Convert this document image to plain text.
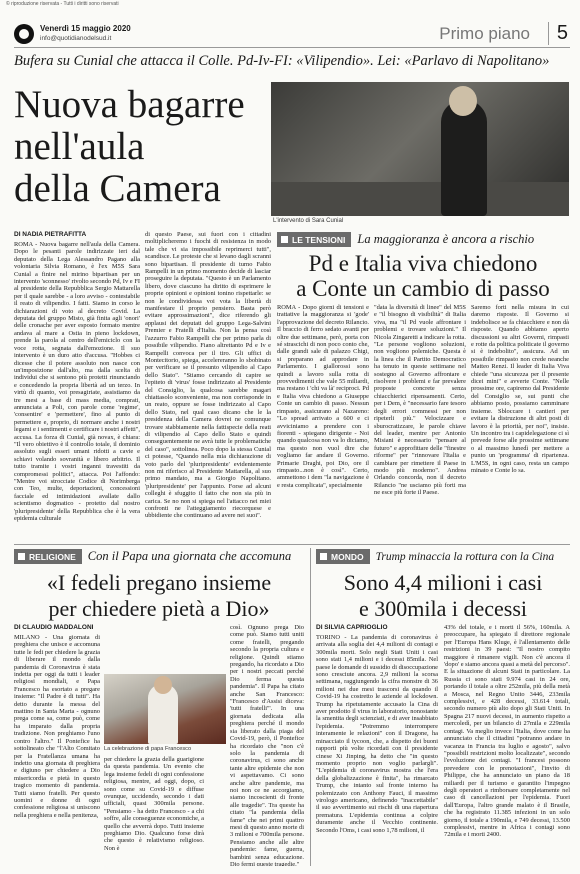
© riproduzione riservata - Tutti i diritti sono riservati
Venerdì 15 maggio 2020
info@quotidianodelsud.it	Primo piano	5
Bufera su Cunial che attacca il Colle. Pd-Iv-FI: «Vilipendio». Lei: «Parlavo di Napolitano»
Nuova bagarre
nell'aula
della Camera
L'intervento di Sara Cunial
DI NADIA PIETRAFITTA
ROMA - Nuova bagarre nell'aula della Camera. Dopo le pesanti parole indirizzate ieri dal deputato della Lega Alessandro Pagano alla volontaria Silvia Romano, è l'ex M5S Sara Cunial a finire nel mirino bipartisan per un intervento 'sconnesso' rivolto secondo Pd, Iv e FI al presidente della Repubblica Sergio Mattarella per il quale sarebbe - a loro avviso - contestabile il reato di vilipendio. I fatti. Siamo in corso le dichiarazioni di voto al decreto Covid. La deputata del gruppo Misto, già finita agli 'onori' delle cronache per aver esposto formato mentre andava al mare a Ostia in pieno lockdown, prende la parola al centro dell'emiciclo con la voce rotta, segnata dall'emozione. Il suo intervento è un duro atto d'accusa. "Hobbes ci dicesse che il potere assoluto non nasce con un'imposizione dall'alto, ma dalla scelta di individui che si sentono più protetti rinunciando e concedendo la propria libertà ad un terzo. In virtù di quanto, voi presagiriate, assistiamo da tre mesi a base di mass media, comprati, annunciata a Poli, con parole come 'regime', 'consentire' e 'permettere', fino al punto di permettere e, proprio, di normare anche i nostri legami e i sentimenti e certificare i nostri affetti", accusa. La forza di Cunial, già novax, è chiara: "Il vero obiettivo è il controllo totale, il dominio assoluto sugli esseri umani ridotti a cavie e schiavi volando sovranità e libero arbitrio. Il tutto tramite i vostri inganni travestiti da compromessi politici", attacca. Poi l'affondo: "Mentre voi strocciate Codice di Norimberga con Teo, multe, deportazioni, concessioni facciale ed intimidazioni avallate dallo scientismo dogmatico - protetto dal nostro 'pluripresidente' della Repubblica che è la vera epidemia culturale
di questo Paese, sui fuori con i cittadini moltiplicheremo i fuochi di resistenza in modo tale che vi sia impossibile reprimerci tutti", scandisce. Le proteste che si levano dagli scranni sono bipartisan. Il presidente di turno Fabio Rampelli in un primo momento decide di lasciar proseguire la deputata. "Questo è un Parlamento libero, dove ciascuno ha diritto di esprimere le proprie opinioni e opinioni tonino rispettarle: se non le condividessa voi vota la libertà di manifestare il proprio pensiero. Basta però evitare approssimazioni", dice riferendo gli applausi dei deputati del gruppo Lega-Salvini Premier e Fratelli d'Italia. Non la pensa così l'azzurro Fabio Rampelli che per primo parla di possibile vilipendio. Fiano altrettanto Pd e Iv e Rampelli convoca per il tiro. Gli uffici di Montecitorio, spiega, accelereranno lo sbobinato per verificare se il presunto vilipendio al Capo dello Stato". "Stiamo cercando di capire se l'epiteto di 'virus' fosse indirizzato al Presidente del Consiglio, la qualcosa sarebbe magari chiattasolo sconveniente, ma non corrisponde in un reato, oppure se fosse indirizzato al Capo dello Stato, nel qual caso dicano che le la presidenza della Camera dovrei ne comunque trovare stabbiamente nella fattispecie della reati di vilipendio al Capo dello Stato e quindi conseguentemente ne avrà tutte le problematiche del caso", sottolinea. Poco dopo la stessa Cunial ci potesse, "Quando nella mia dichiarazione di voto parlo del 'pluripresidente' evidentemente non mi riferisco al Presidente Mattarella, al suo primo mandato, ma a Giorgio Napolitano. 'pluripresidente' per l'appunto. Forse ad alcuni colleghi è sfuggito il fatto che non sia più in carica. Se no non si spiega nel l'attacco nei miei confronti ne l'atteggiamento riecorquese e ubbidiente che continuano ad avere nei suoi".
LE TENSIONI La maggioranza è ancora a rischio
Pd e Italia viva chiedono
a Conte un cambio di passo
ROMA - Dopo giorni di tensioni e trattative la maggioranza si 'gode' l'approvazione del decreto Rilancio. Il braccio di ferro sedato avanti per oltre due settimane, però, porta con sé strascichi di non poco conto che, dalle grandi sale di palazzo Chigi, si preparano ad approdare in Parlamento. I giallorossi sono quindi a lavoro sulla rotta di provvedimenti che vale 55 miliardi, ma restano i 'chi va là' reciproci. Pd e Italia viva chiedono a Giuseppe Conte un cambio di passo. Nessun rimpasto, assicurano al Nazareno: "Lo spread arrivato a 600 e ci avviciniamo a prendere con i fiorenti - spiegano dirigente - Noi quando qualcosa non va lo diciamo, ma questo non vuol dire che vogliamo far andare il Governo. Primarie Draghi, poi Dio, ore il rimpasto...non è così". Certo, ammettono i dem "la navigazione è e resta complicata", specialmente
"data la diversità di linee" del M5S e "il bisogno di visibilità" di Italia viva, ma "il Pd vuole affrontare i problemi e trovare soluzioni." Il Nicola Zingaretti a indicare la rotta. "Le persone vogliono soluzioni, non vogliono polemiche. Questa è la linea che il Partito Democratico ha tenuto in queste settimane nel sostegno al Governo affrontare e risolvere i problemi e far prevalere proposte concrete senza chiacchierici ripensamenti. Certo, per i Dem, è "necessario fare tesoro degli errori commessi per non ripeterli più." Velocizzare e sburocratizzare, le parole chiave del leader, mentre per Antonio Misiani è necessario "pensare al futuro" e approfittare delle "finestre riforme" per "rinnovare l'Italia e cambiare per rimettere il Paese in modo più moderno". Andrea Orlando concorda, non il decreto Rilancio "ne usciamo più forti ma ne esce più forte il Paese.
Saremo forti nella misura in cui daremo risposte. Il Governo si indebolisce se fa chiacchiere e non dà risposte. Quando abbiamo aperto discussioni su altri Governi, rimpasti e rotte da politica politicate il governo si è indebolito", assicura. Ad un possibile rimpasto non crede neanche Matteo Renzi. Il leader di Italia Viva chiede "una sicurezza per il presente dicei mini" e avverte Conte. "Nelle prossime ore, capiremo dal Presidente del Consiglio se, sui punti che abbiamo posto, possiamo camminare insieme. Sbloccare i cantieri per evitare la distruzione di altri posti di lavoro è la priorità, per noi", insiste. Un incontro tra i capidelegazione ci sì prevede forse alle prossime settimane o al massimo lunedì per mettere a punto un 'programma' di ripartenza. L'M5S, in ogni caso, resta un campo minato e Conte lo sa.
RELIGIONE Con il Papa una giornata che accomuna
«I fedeli pregano insieme
per chiedere pietà a Dio»
DI CLAUDIO MADDALONI
MILANO - Una giornata di preghiera che unisce e accomuna tutte le fedi per chiedere la grazia di liberare il mondo dalla pandemia di Coronavirus è stata indetta per oggi da tutti i leader religiosi mondiali, e Papa Francesco ha esortato a pregare insieme: "Il Padre è di tutti". Ha detto durante la messa del mattino in Santa Marta - ognuno prega come sa, come può, come ha imparato dalla propria tradizione. Non preghiamo l'uno contro l'altro." Il Pontefice ha sottolineato che "l'Alto Comitato per la Fratellanza umana ha indetto una giornata di preghiera e digiuno per chiedere a Dio misericordia e pietà in questo tragico momento di pandemia. Tutti siamo fratelli. Per questo uomini e donne di ogni confessione religiosa si uniscono nella preghiera e nella penitenza,
La celebrazione di papa Francesco
per chiedere la grazia della guarigione da questa pandemia. Un evento che lega insieme fedeli di ogni confessione religiosa, mentre, ad oggi, dopo, ci sono come su Covid-19 e diffuse ovunque, uccidendo, secondo i dati ufficiali, quasi 300mila persone. "Pensiamo - ha detto Francesco - a chi soffre, alle conseguenze economiche, a quello che avverrà dopo. Tutti insieme preghiamo Dio. Qualcuno forse dirà che questo è relativismo religioso. Non è
così. Ognuno prega Dio come può. Siamo tutti uniti come fratelli, pregando secondo la propria cultura e religione. Quindi stiamo pregando, ha ricordato a Dio per i nostri peccati perché Dio ferma questa pandemia". Il Papa ha citato anche San Francesco: "Francesco d'Assisi diceva: 'tutti fratelli'". In una giornata dedicata alla preghiera perché il mondo sia liberato dalla piaga del Covid-19, però, il Pontefice ha ricordato che "non c'è solo la pandemia di coronavirus, ci sono anche tante altre epidemie che non vi aspettavamo. Ci sono anche altre pandemie, ma noi non ce ne accorgiamo, siamo incoscienti di fronte alle tragedie". Tra queste ha citato "la pandemia della fame" che nei primi quattro mesi di questo anno morte di 3 milioni e 700mila persone. Pensiamo anche alle altre pandemie: fame, guerra, bambini senza educazione. Dio fermi queste tragedie."
MONDO Trump minaccia la rottura con la Cina
Sono 4,4 milioni i casi
e 300mila i decessi
DI SILVIA CAPRIOGLIO
TORINO - La pandemia di coronavirus è arrivata alla soglia dei 4,4 milioni di contagi e 300mila morti. Solo negli Stati Uniti i casi sono stati 1,4 milioni e i decessi 85mila. Nel paese le domande di sussidio di disoccupazione sono cresciute ancora. 2,9 milioni la scorsa settimana, raggiungendo la cifra monstre di 36 milioni nei due mesi trascorsi da quando il Covid-19 ha costretto le aziende al lockdown. Trump ha ripetutamente accusato la Cina di aver prodotto il virus in laboratorio, nonostante la smentita degli scienziati, e di aver insabbiato l'epidemia. "Potremmo interrompere interamente le relazioni" con il Dragone, ha minacciato il tycoon, che, a dispetto dei buoni rapporti più volte ricordati con il presidente cinese Xi Jinping, ha detto che "in questo momento proprio non voglio parlargli". "L'epidemia di coronavirus mostra che l'era della globalizzazione è finita", ha rimarcato Trump, che intanto sul fronte interno ha polemizzato con Anthony Fauci, il massimo virologo americano, definendo "inaccettabile" il suo avvertimento sui rischi di una riapertura prematura. L'epidemia continua a colpire duramente anche il Vecchio continente. Secondo l'Oms, i casi sono 1,78 milioni, il
43% del totale, e i morti il 56%, 160mila. A preoccupare, ha spiegato il direttore regionale per l'Europa Hans Kluge, è l'allentamento delle restrizioni in 39 paesi: "Il nostro compito maggiore è rimanere vigili. Non c'è ancora il 'dopo' e siamo ancora quasi a metà del percorso". E la situazione di alcuni Stati in particolare. La Russia ci sono stati 9.974 casi in 24 ore, portando il totale a oltre 252mila, più della metà a Mosca, nel Regno Unito 3446, 233mila complessivi, e 428 decessi, 33.614 totali, secondo numero più alto dopo gli Stati Uniti. In Spagna 217 nuovi decessi, in aumento rispetto a mercoledì, per un bilancio di 27mila e 229mila contagi. Va meglio invece l'Italia, dove come ha annunciato che il cittadini "potranno andare in vacanza in Francia tra luglio e agosto", salvo "possibili restrizioni molto localizzate", secondo l'evoluzione dei contagi. "I francesi possono prevedere con le prenotazioni", l'invito di Philippe, che ha annunciato un piano da 18 miliardi per il turismo e garantito l'impegno degli operatori a rimborsare completamente nel caso di cancellazioni per l'epidemia. Fuori dall'Europa, l'altro grande malato è il Brasile, che ha registrato 11.385 infezioni in un solo giorno, il totale a 190mila, e 749 decessi, 13.500 complessivi, mentre in Africa i contagi sono 72mila e i morti 2400.
